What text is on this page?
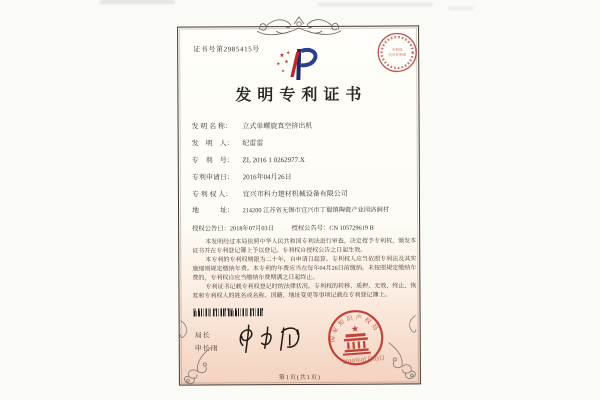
证书号第2985415号
★
★
★ ★
★
专利局
代办专利章
发明专利证书
发 明 名 称： 立式单螺旋真空挤出机
发　明　人： 纪雷雷
专　利　号： ZL 2016 1 0262977.X
专利申请日： 2016年04月26日
专 利 权 人： 宜兴市科力建材机械设备有限公司
地　　　址： 214200 江苏省无锡市宜兴市丁蜀镇陶瓷产业园洛涧村
授权公告日：2018年07月03日	授权公告号：CN 105729619 B

本发明经过本局依照中华人民共和国专利法进行审查，决定授予专利权，颁发本证书并在专利登记簿上予以登记。专利权自授权公告之日起生效。

本专利的专利权期限为二十年，自申请日起算。专利权人应当依照专利法及其实施细则规定缴纳年费。本专利的年费应当在每年04月26日前缴纳。未按照规定缴纳年费的，专利权自应当缴纳年费期满之日起终止。

专利证书记载专利权登记时的法律状况。专利权的转移、质押、无效、终止、恢复和专利权人的姓名或名称、国籍、地址变更等事项记载在专利登记簿上。

局长
申长雨
国家知识产权局
★
2018年07月03日
第1页(共1页)
